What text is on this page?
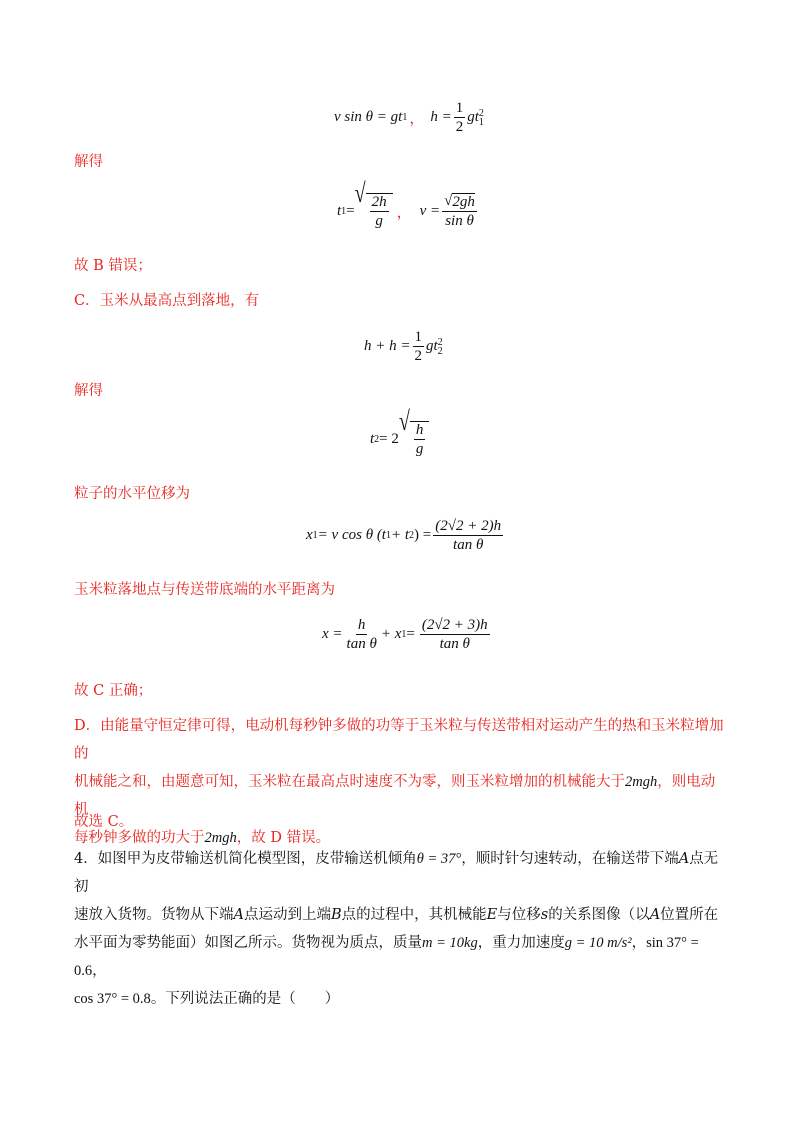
v sin θ = gt 1 ， $h = \frac{1}{2}$ gt 2
1
解得
t 1 =
√
$\frac{2h}{g}$ ， $v = \frac{√ 2gh}{\text{sin θ}}$
故 B 错误；
C．玉米从最高点到落地，有
$h + h = \frac{1}{2}$ gt 2
2
解得
t 2 = 2
√
$\frac{h}{g}$
粒子的水平位移为
x 1 = v cos θ (t 1 + t 2 ) = $\frac{(2√2 + 2)h}{\text{tan θ}}$
玉米粒落地点与传送带底端的水平距离为
$x = \frac{h}{\text{tan θ}} + x$ $1 = \frac{(2√2 + 3)h}{\text{tan θ}}$
故 C 正确；
D．由能量守恒定律可得，电动机每秒钟多做的功等于玉米粒与传送带相对运动产生的热和玉米粒增加的
机械能之和，由题意可知，玉米粒在最高点时速度不为零，则玉米粒增加的机械能大于2mgh，则电动机
每秒钟多做的功大于2mgh，故 D 错误。
故选 C。
4．如图甲为皮带输送机简化模型图，皮带输送机倾角θ = 37°，顺时针匀速转动，在输送带下端A点无初
速放入货物。货物从下端A点运动到上端B点的过程中，其机械能E与位移s的关系图像（以A位置所在
水平面为零势能面）如图乙所示。货物视为质点，质量m = 10kg，重力加速度g = 10 m/s²，sin 37° = 0.6，
cos 37° = 0.8。下列说法正确的是（　　）
